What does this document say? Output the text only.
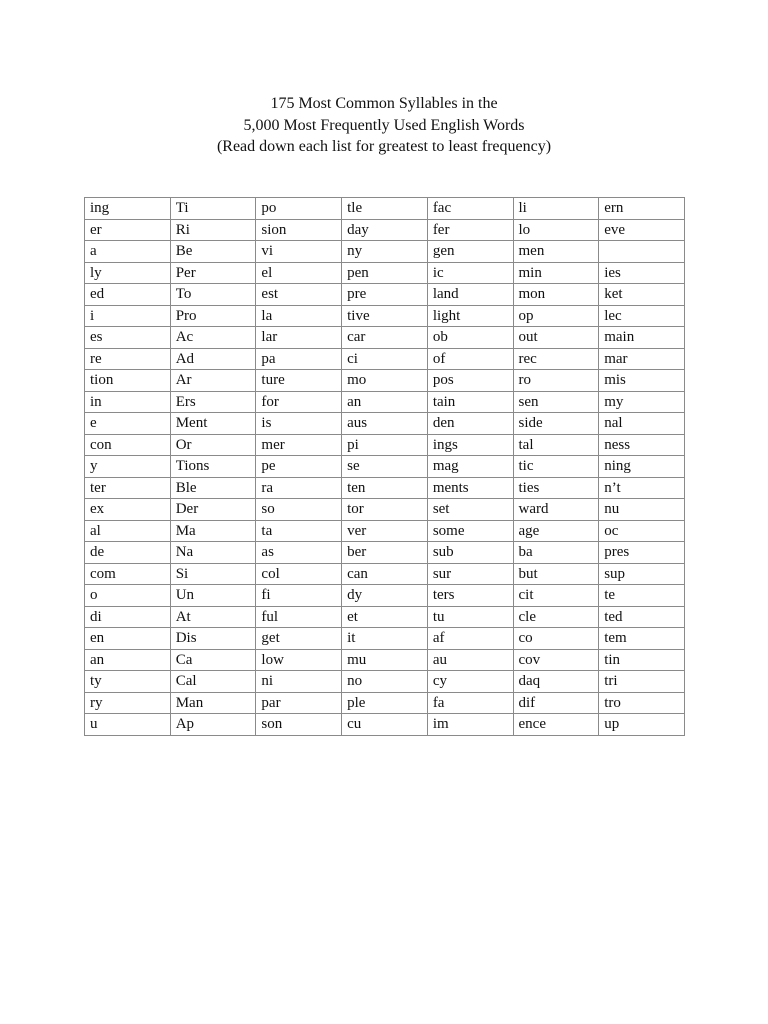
175 Most Common Syllables in the
5,000 Most Frequently Used English Words
(Read down each list for greatest to least frequency)
ing	Ti	po	tle	fac	li	ern
er	Ri	sion	day	fer	lo	eve
a	Be	vi	ny	gen	men	
ly	Per	el	pen	ic	min	ies
ed	To	est	pre	land	mon	ket
i	Pro	la	tive	light	op	lec
es	Ac	lar	car	ob	out	main
re	Ad	pa	ci	of	rec	mar
tion	Ar	ture	mo	pos	ro	mis
in	Ers	for	an	tain	sen	my
e	Ment	is	aus	den	side	nal
con	Or	mer	pi	ings	tal	ness
y	Tions	pe	se	mag	tic	ning
ter	Ble	ra	ten	ments	ties	n’t
ex	Der	so	tor	set	ward	nu
al	Ma	ta	ver	some	age	oc
de	Na	as	ber	sub	ba	pres
com	Si	col	can	sur	but	sup
o	Un	fi	dy	ters	cit	te
di	At	ful	et	tu	cle	ted
en	Dis	get	it	af	co	tem
an	Ca	low	mu	au	cov	tin
ty	Cal	ni	no	cy	daq	tri
ry	Man	par	ple	fa	dif	tro
u	Ap	son	cu	im	ence	up
